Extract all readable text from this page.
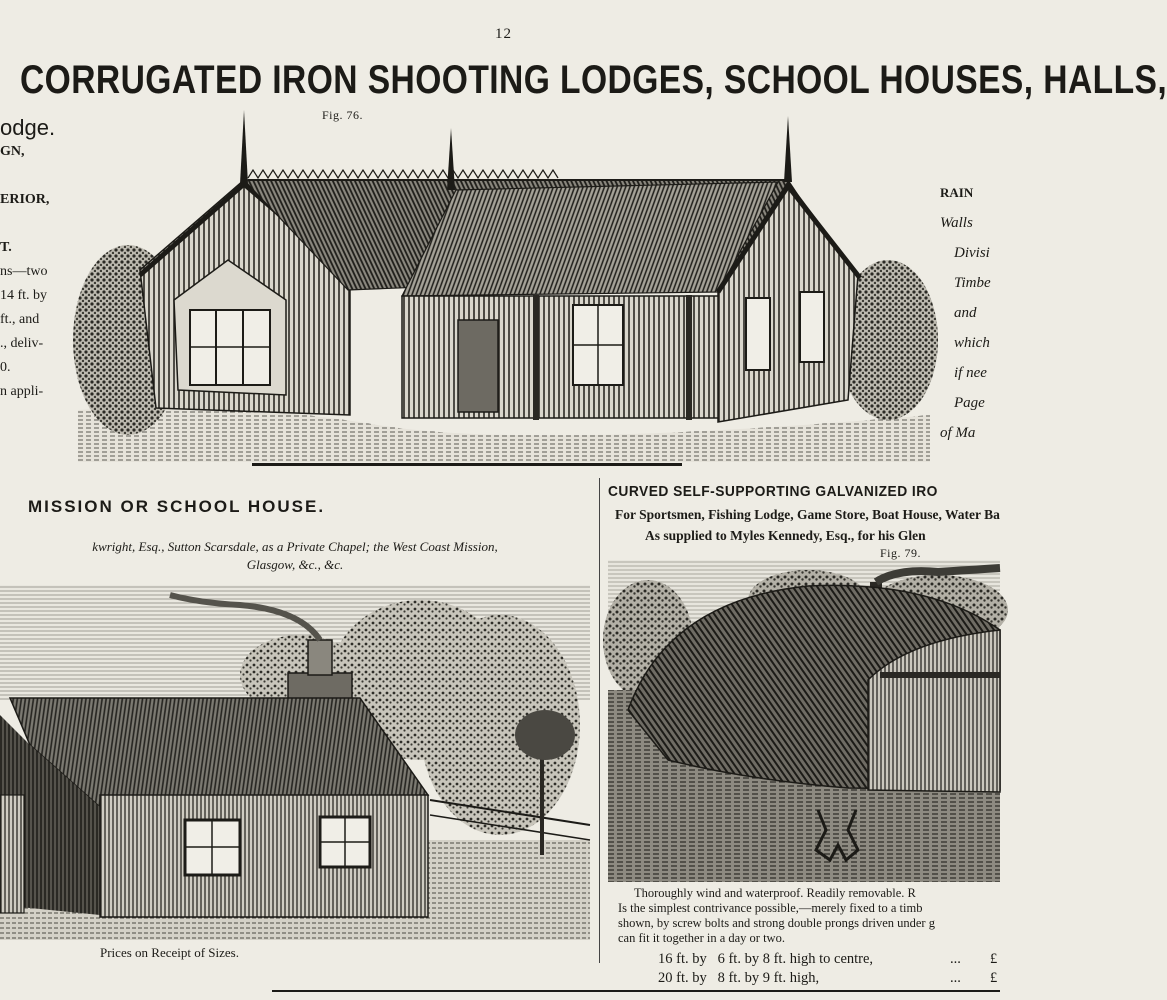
12
CORRUGATED IRON SHOOTING LODGES, SCHOOL HOUSES, HALLS,
Fig. 76.
odge.
GN,

ERIOR,

T.
ns—two
14 ft. by
ft., and
., deliv-
0.
n appli-
RAIN
Walls
Divisi
Timbe
and
which
if nee
Page
of Ma
MISSION OR SCHOOL HOUSE.
kwright, Esq., Sutton Scarsdale, as a Private Chapel; the West Coast Mission,
Glasgow, &c., &c.
Prices on Receipt of Sizes.
CURVED SELF-SUPPORTING GALVANIZED IRO
For Sportsmen, Fishing Lodge, Game Store, Boat House, Water Ba
As supplied to Myles Kennedy, Esq., for his Glen
Fig. 79.
Thoroughly wind and waterproof. Readily removable. R
Is the simplest contrivance possible,—merely fixed to a timb
shown, by screw bolts and strong double prongs driven under g
can fit it together in a day or two.
16 ft. by   6 ft. by 8 ft. high to centre,	... £
20 ft. by   8 ft. by 9 ft. high,	... £
